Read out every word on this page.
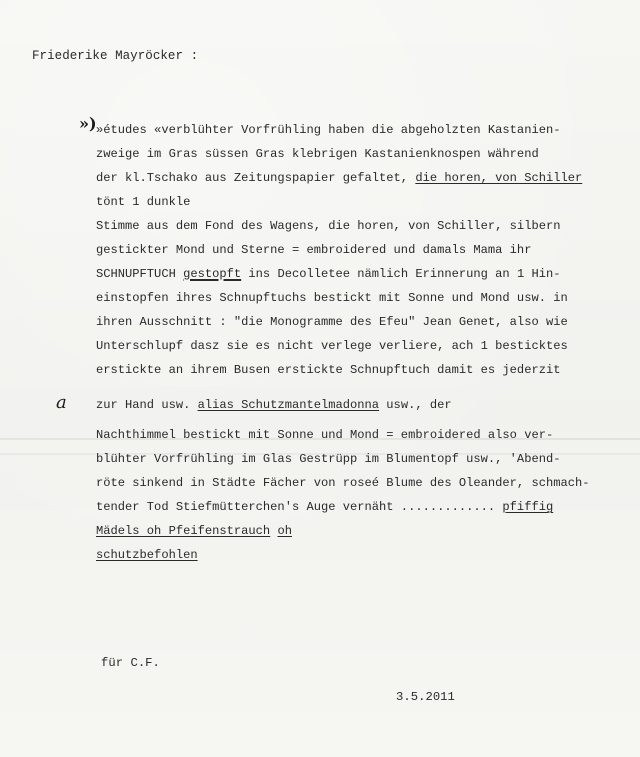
Friederike Mayröcker :
»)
a
»études «verblühter Vorfrühling haben die abgeholzten Kastanien-
zweige im Gras süssen Gras klebrigen Kastanienknospen während
der kl.Tschako aus Zeitungspapier gefaltet, die horen, von Schiller
tönt 1 dunkle
Stimme aus dem Fond des Wagens, die horen, von Schiller, silbern
gestickter Mond und Sterne = embroidered und damals Mama ihr
SCHNUPFTUCH gestopft ins Decolletee nämlich Erinnerung an 1 Hin-
einstopfen ihres Schnupftuchs bestickt mit Sonne und Mond usw. in
ihren Ausschnitt : "die Monogramme des Efeu" Jean Genet, also wie
Unterschlupf dasz sie es nicht verlege verliere, ach 1 besticktes
erstickte an ihrem Busen erstickte Schnupftuch damit es jederzit
zur Hand usw. alias Schutzmantelmadonna usw., der
Nachthimmel bestickt mit Sonne und Mond = embroidered also ver-
blühter Vorfrühling im Glas Gestrüpp im Blumentopf usw., 'Abend-
röte sinkend in Städte Fächer von roseé Blume des Oleander, schmach-
tender Tod Stiefmütterchen's Auge vernäht ............. pfiffig
Mädels oh Pfeifenstrauch oh
schutzbefohlen
für C.F.
3.5.2011
